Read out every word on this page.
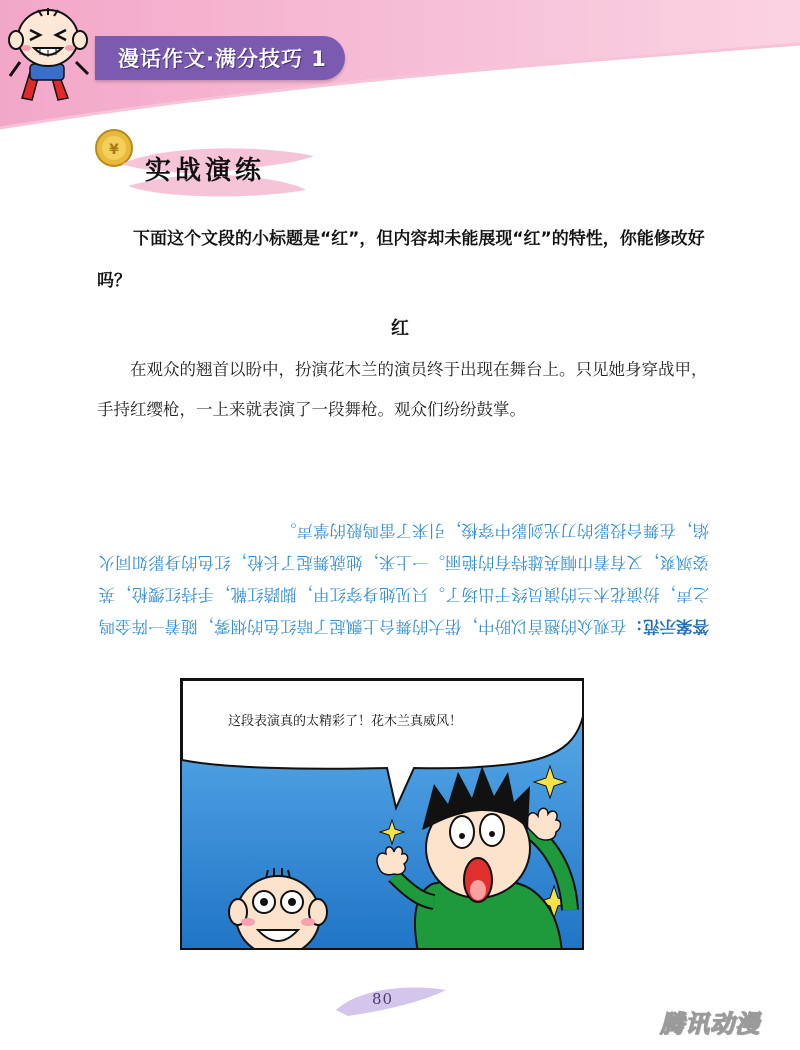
漫话作文·满分技巧 1
¥
实战演练
下面这个文段的小标题是“红”，但内容却未能展现“红”的特性，你能修改好吗？
红
在观众的翘首以盼中，扮演花木兰的演员终于出现在舞台上。只见她身穿战甲，手持红缨枪，一上来就表演了一段舞枪。观众们纷纷鼓掌。
答案示范：在观众的翘首以盼中，偌大的舞台上飘起了暗红色的烟雾，随着一阵金鸣之声，扮演花木兰的演员终于出场了。只见她身穿红甲，脚踏红靴，手持红缨枪，英姿飒爽，又有着巾帼英雄特有的艳丽。一上来，她就舞起了长枪，红色的身影如同火焰，在舞台投影的刀光剑影中穿梭，引来了雷鸣般的掌声。
这段表演真的太精彩了！花木兰真威风！
80
腾讯动漫
